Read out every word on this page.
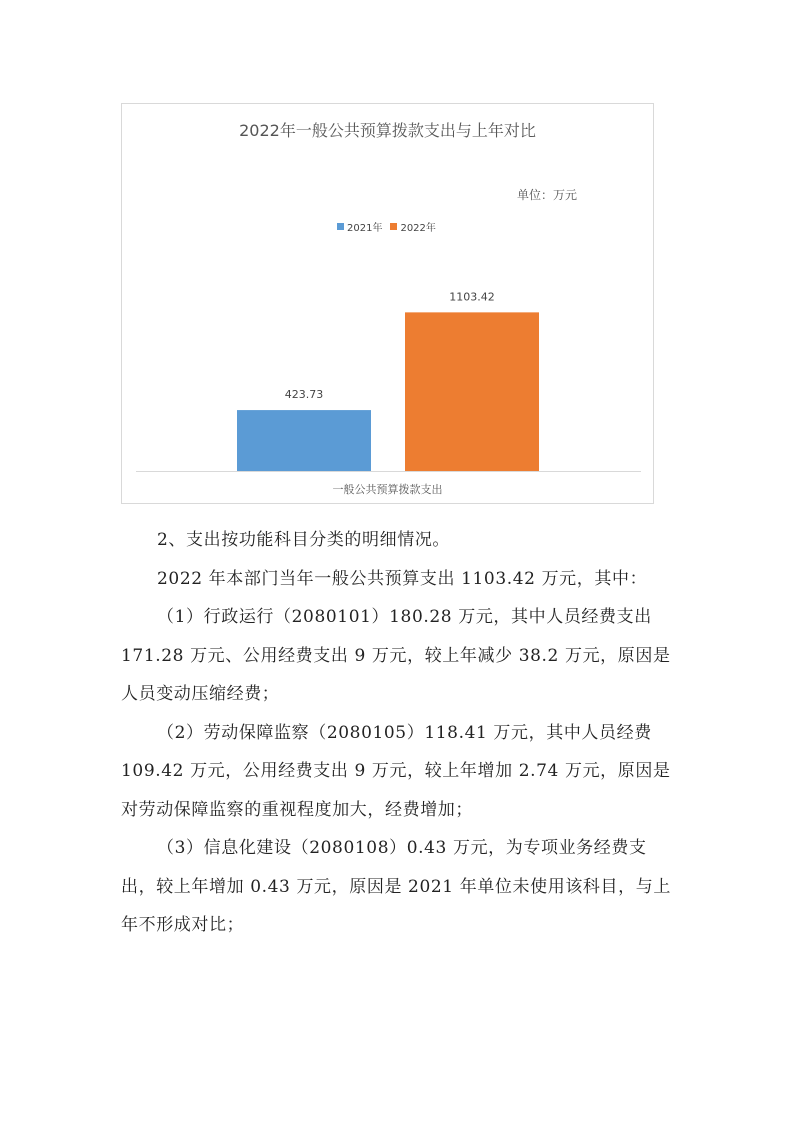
2022年一般公共预算拨款支出与上年对比
单位：万元
2021年 2022年
423.73
1103.42
一般公共预算拨款支出

2、支出按功能科目分类的明细情况。

2022 年本部门当年一般公共预算支出 1103.42 万元，其中：

（1）行政运行（2080101）180.28 万元，其中人员经费支出 171.28 万元、公用经费支出 9 万元，较上年减少 38.2 万元，原因是人员变动压缩经费；

（2）劳动保障监察（2080105）118.41 万元，其中人员经费 109.42 万元，公用经费支出 9 万元，较上年增加 2.74 万元，原因是对劳动保障监察的重视程度加大，经费增加；

（3）信息化建设（2080108）0.43 万元，为专项业务经费支出，较上年增加 0.43 万元，原因是 2021 年单位未使用该科目，与上年不形成对比；
